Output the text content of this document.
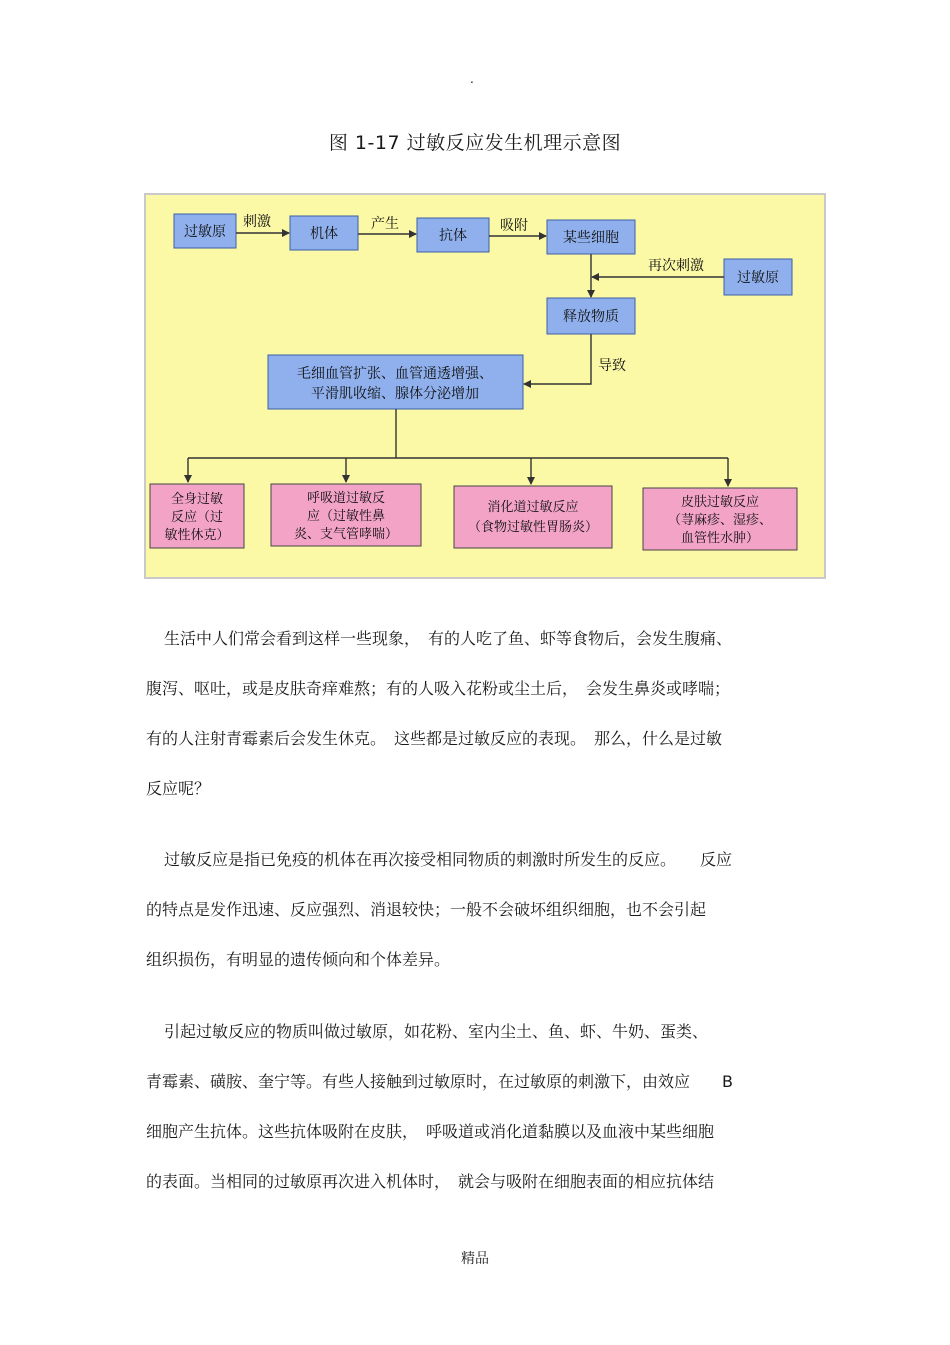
.
图 1-17 过敏反应发生机理示意图
过敏原	机体	抗体	某些细胞
过敏原
释放物质
毛细血管扩张、血管通透增强、
平滑肌收缩、腺体分泌增加
刺激	产生	吸附
再次刺激
导致
全身过敏
反应（过
敏性休克）
呼吸道过敏反
应（过敏性鼻
炎、支气管哮喘）
消化道过敏反应
（食物过敏性胃肠炎）
皮肤过敏反应
（荨麻疹、湿疹、
血管性水肿）
生活中人们常会看到这样一些现象，　有的人吃了鱼、虾等食物后，会发生腹痛、
腹泻、呕吐，或是皮肤奇痒难熬；有的人吸入花粉或尘土后，　会发生鼻炎或哮喘；
有的人注射青霉素后会发生休克。　这些都是过敏反应的表现。　那么，什么是过敏
反应呢？
过敏反应是指已免疫的机体在再次接受相同物质的刺激时所发生的反应。　　反应
的特点是发作迅速、反应强烈、消退较快；一般不会破坏组织细胞，也不会引起
组织损伤，有明显的遗传倾向和个体差异。
引起过敏反应的物质叫做过敏原，如花粉、室内尘土、鱼、虾、牛奶、蛋类、
青霉素、磺胺、奎宁等。有些人接触到过敏原时，在过敏原的刺激下，由效应　　B
细胞产生抗体。这些抗体吸附在皮肤，　呼吸道或消化道黏膜以及血液中某些细胞
的表面。当相同的过敏原再次进入机体时，　就会与吸附在细胞表面的相应抗体结
精品
